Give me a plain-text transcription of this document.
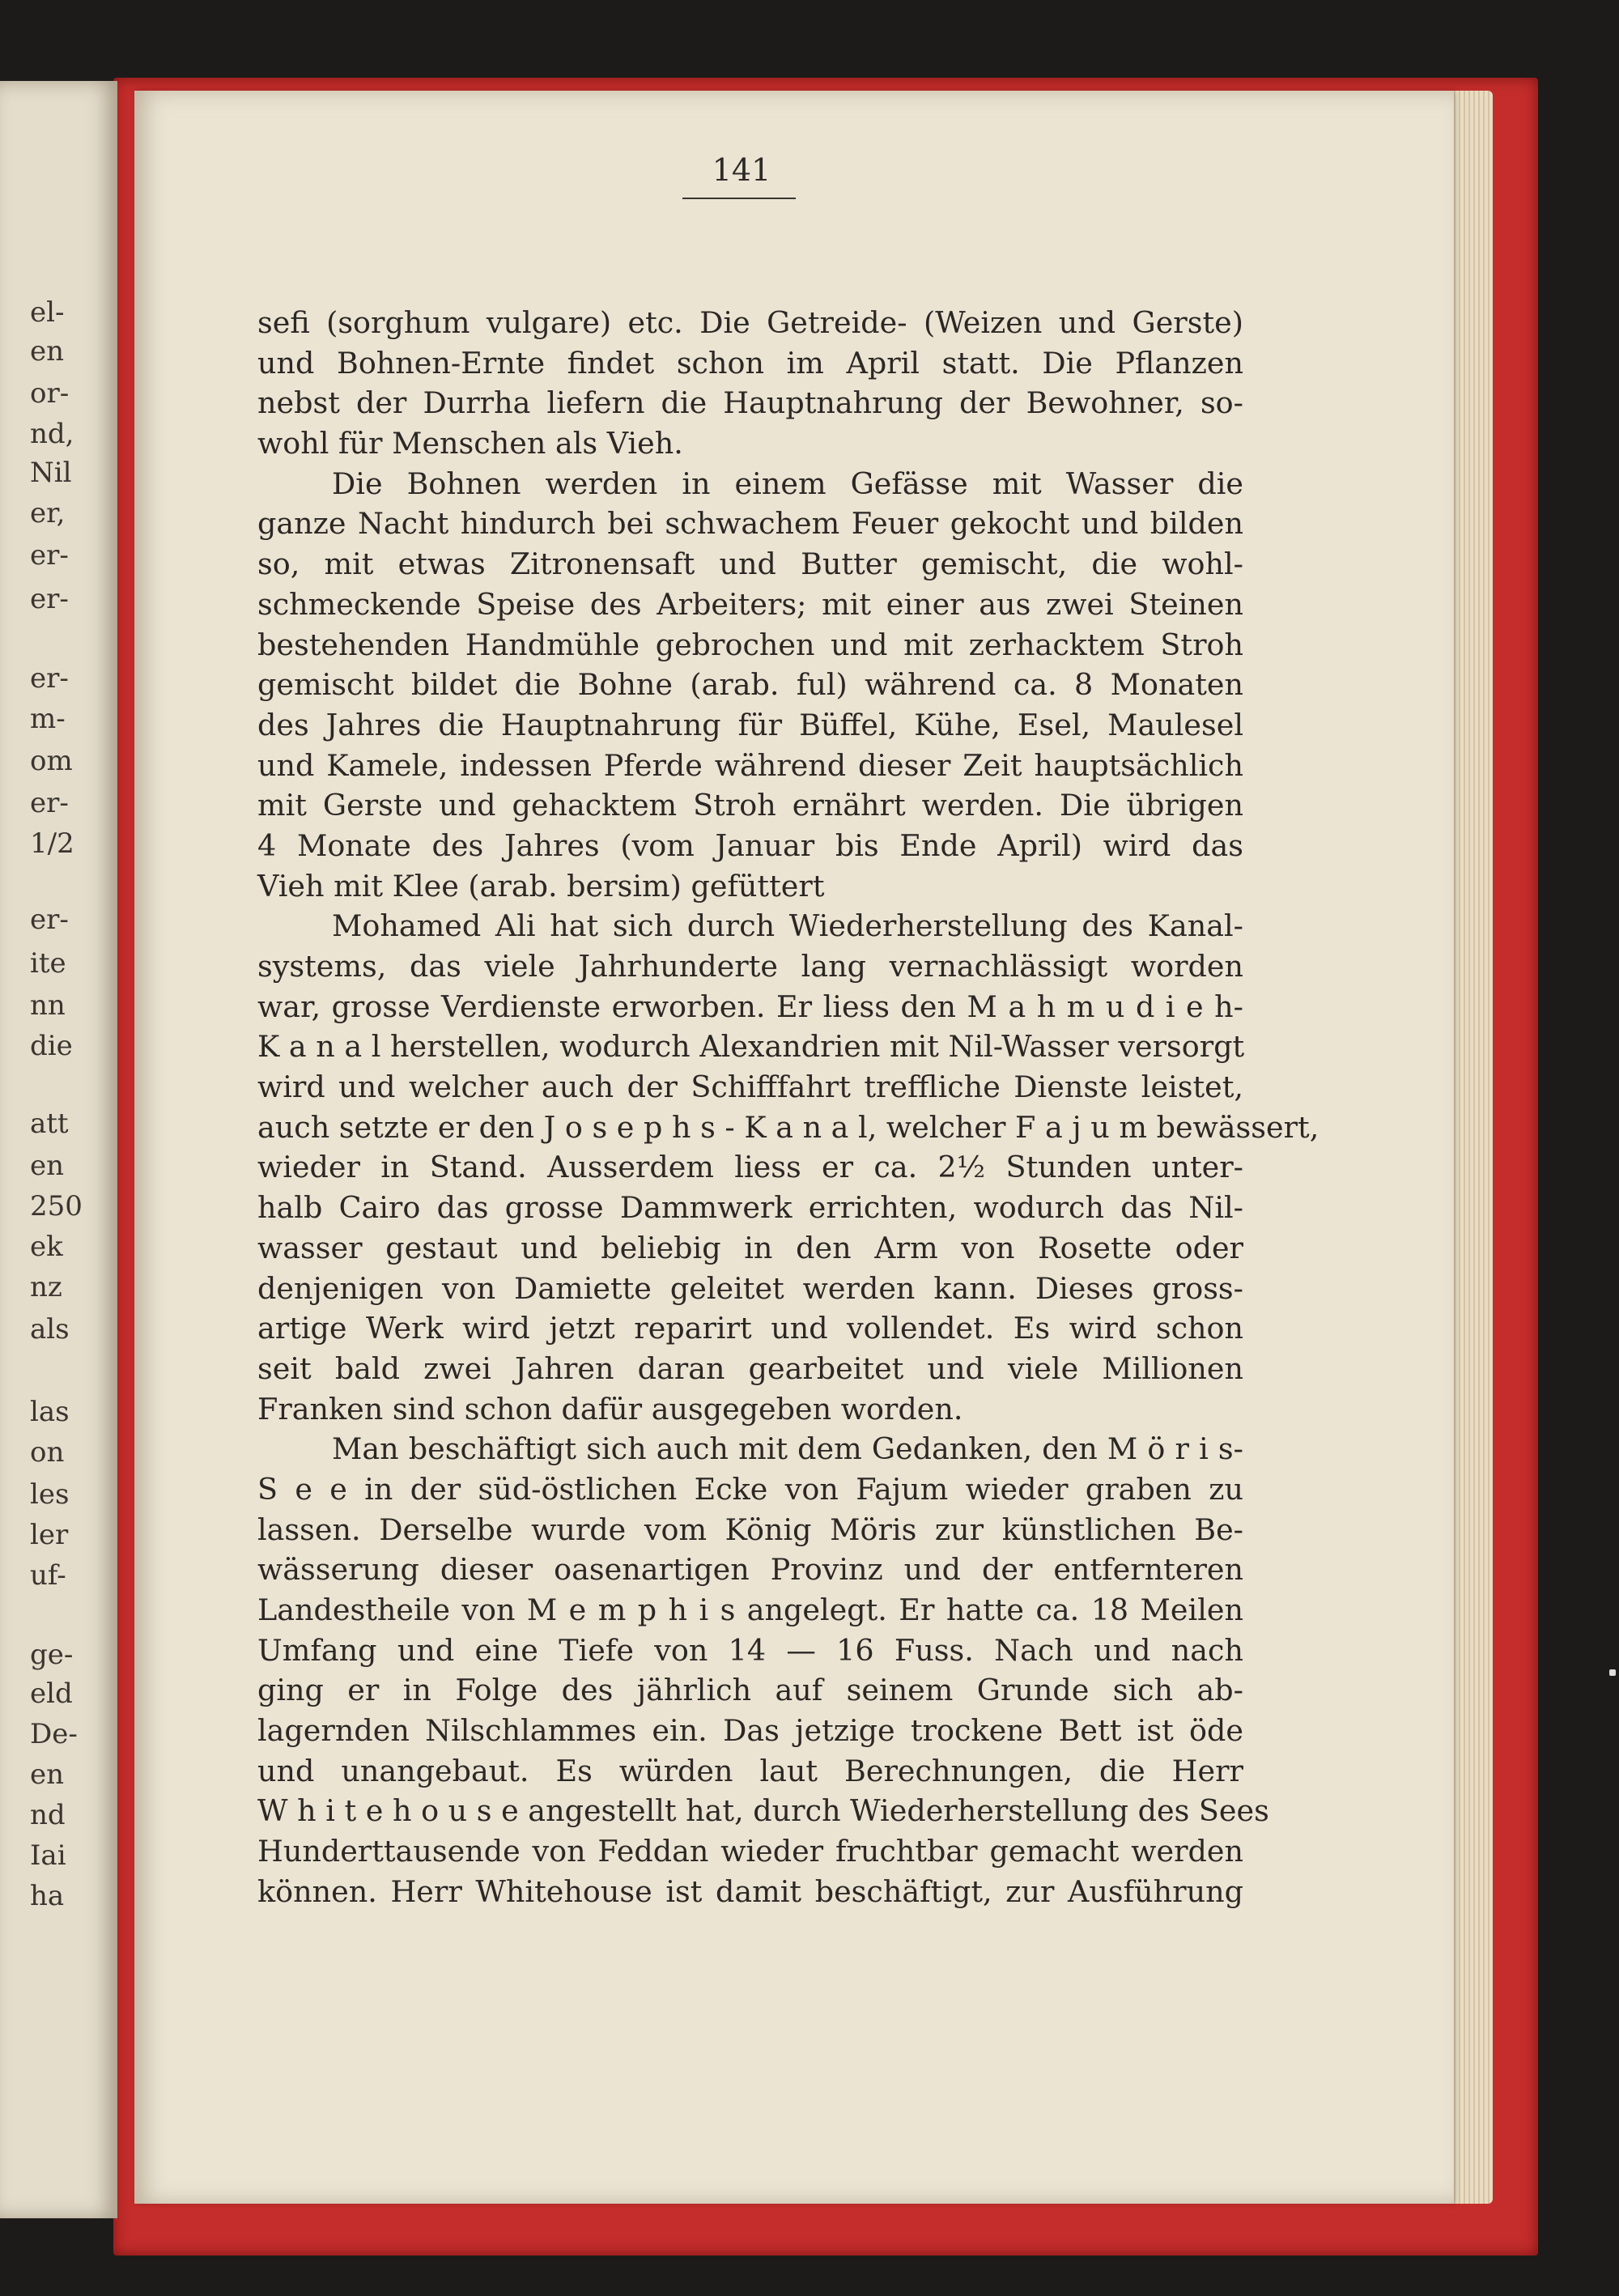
el-
en
or-
nd,
Nil
er,
er-
er-
er-
m-
om
er-
1/2
er-
ite
nn
die
att
en
250
ek
nz
als
las
on
les
ler
uf-
ge-
eld
De-
en
nd
Iai
ha
141
sefi (sorghum vulgare) etc. Die Getreide- (Weizen und Gerste)
und Bohnen-Ernte findet schon im April statt. Die Pflanzen
nebst der Durrha liefern die Hauptnahrung der Bewohner, so-
wohl für Menschen als Vieh.
Die Bohnen werden in einem Gefässe mit Wasser die
ganze Nacht hindurch bei schwachem Feuer gekocht und bilden
so, mit etwas Zitronensaft und Butter gemischt, die wohl-
schmeckende Speise des Arbeiters; mit einer aus zwei Steinen
bestehenden Handmühle gebrochen und mit zerhacktem Stroh
gemischt bildet die Bohne (arab. ful) während ca. 8 Monaten
des Jahres die Hauptnahrung für Büffel, Kühe, Esel, Maulesel
und Kamele, indessen Pferde während dieser Zeit hauptsächlich
mit Gerste und gehacktem Stroh ernährt werden. Die übrigen
4 Monate des Jahres (vom Januar bis Ende April) wird das
Vieh mit Klee (arab. bersim) gefüttert
Mohamed Ali hat sich durch Wiederherstellung des Kanal-
systems, das viele Jahrhunderte lang vernachlässigt worden
war, grosse Verdienste erworben. Er liess den M a h m u d i e h-
K a n a l herstellen, wodurch Alexandrien mit Nil-Wasser versorgt
wird und welcher auch der Schifffahrt treffliche Dienste leistet,
auch setzte er den J o s e p h s - K a n a l, welcher F a j u m bewässert,
wieder in Stand. Ausserdem liess er ca. 2½ Stunden unter-
halb Cairo das grosse Dammwerk errichten, wodurch das Nil-
wasser gestaut und beliebig in den Arm von Rosette oder
denjenigen von Damiette geleitet werden kann. Dieses gross-
artige Werk wird jetzt reparirt und vollendet. Es wird schon
seit bald zwei Jahren daran gearbeitet und viele Millionen
Franken sind schon dafür ausgegeben worden.
Man beschäftigt sich auch mit dem Gedanken, den M ö r i s-
S e e in der süd-östlichen Ecke von Fajum wieder graben zu
lassen. Derselbe wurde vom König Möris zur künstlichen Be-
wässerung dieser oasenartigen Provinz und der entfernteren
Landestheile von M e m p h i s angelegt. Er hatte ca. 18 Meilen
Umfang und eine Tiefe von 14 — 16 Fuss. Nach und nach
ging er in Folge des jährlich auf seinem Grunde sich ab-
lagernden Nilschlammes ein. Das jetzige trockene Bett ist öde
und unangebaut. Es würden laut Berechnungen, die Herr
W h i t e h o u s e angestellt hat, durch Wiederherstellung des Sees
Hunderttausende von Feddan wieder fruchtbar gemacht werden
können. Herr Whitehouse ist damit beschäftigt, zur Ausführung
